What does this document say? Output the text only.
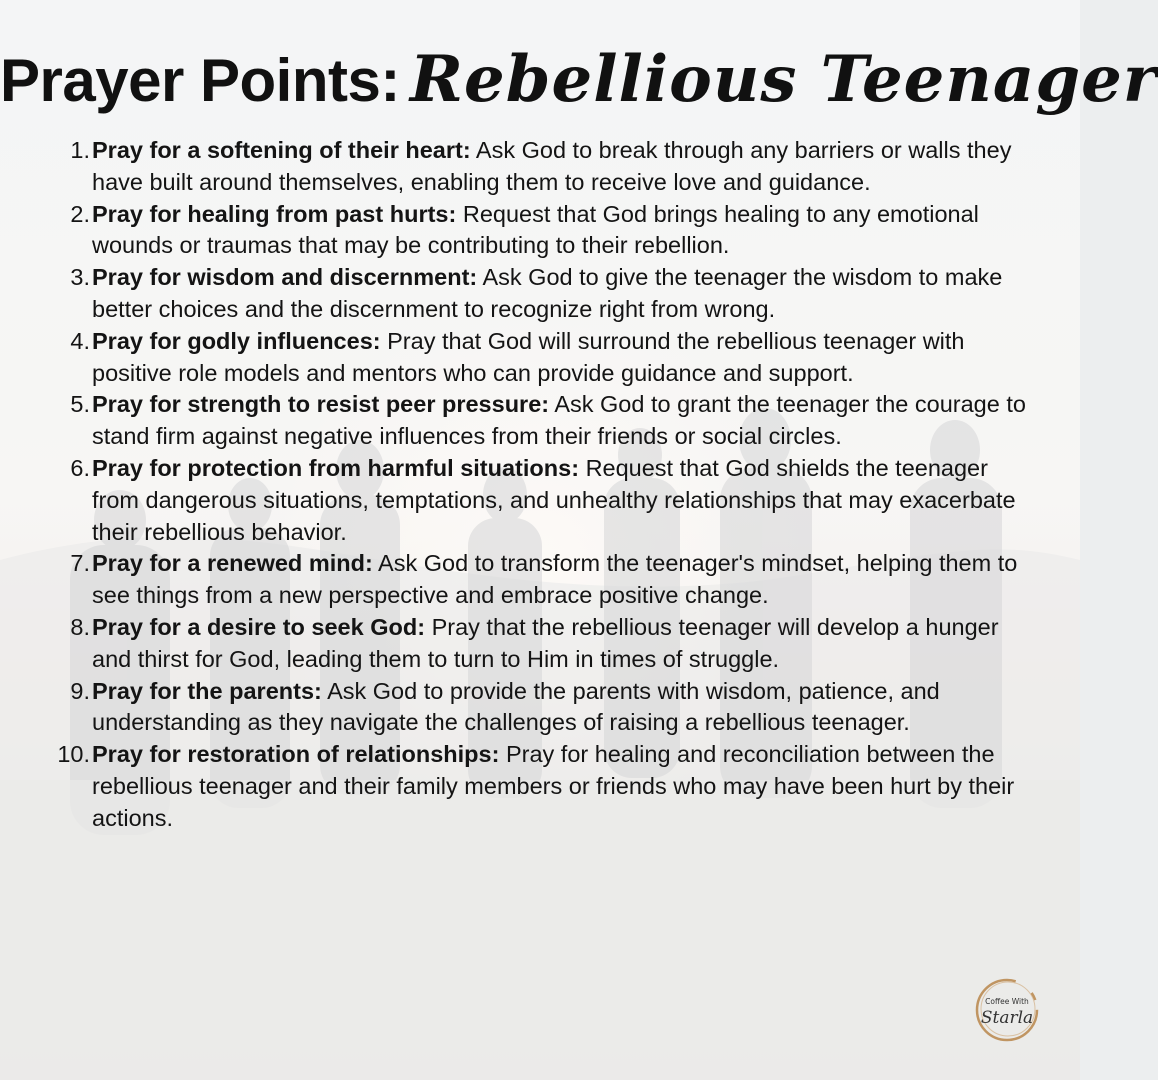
Prayer Points: Rebellious Teenager
1. Pray for a softening of their heart: Ask God to break through any barriers or walls they have built around themselves, enabling them to receive love and guidance.
2. Pray for healing from past hurts: Request that God brings healing to any emotional wounds or traumas that may be contributing to their rebellion.
3. Pray for wisdom and discernment: Ask God to give the teenager the wisdom to make better choices and the discernment to recognize right from wrong.
4. Pray for godly influences: Pray that God will surround the rebellious teenager with positive role models and mentors who can provide guidance and support.
5. Pray for strength to resist peer pressure: Ask God to grant the teenager the courage to stand firm against negative influences from their friends or social circles.
6. Pray for protection from harmful situations: Request that God shields the teenager from dangerous situations, temptations, and unhealthy relationships that may exacerbate their rebellious behavior.
7. Pray for a renewed mind: Ask God to transform the teenager's mindset, helping them to see things from a new perspective and embrace positive change.
8. Pray for a desire to seek God: Pray that the rebellious teenager will develop a hunger and thirst for God, leading them to turn to Him in times of struggle.
9. Pray for the parents: Ask God to provide the parents with wisdom, patience, and understanding as they navigate the challenges of raising a rebellious teenager.
10. Pray for restoration of relationships: Pray for healing and reconciliation between the rebellious teenager and their family members or friends who may have been hurt by their actions.
Coffee With
Starla
